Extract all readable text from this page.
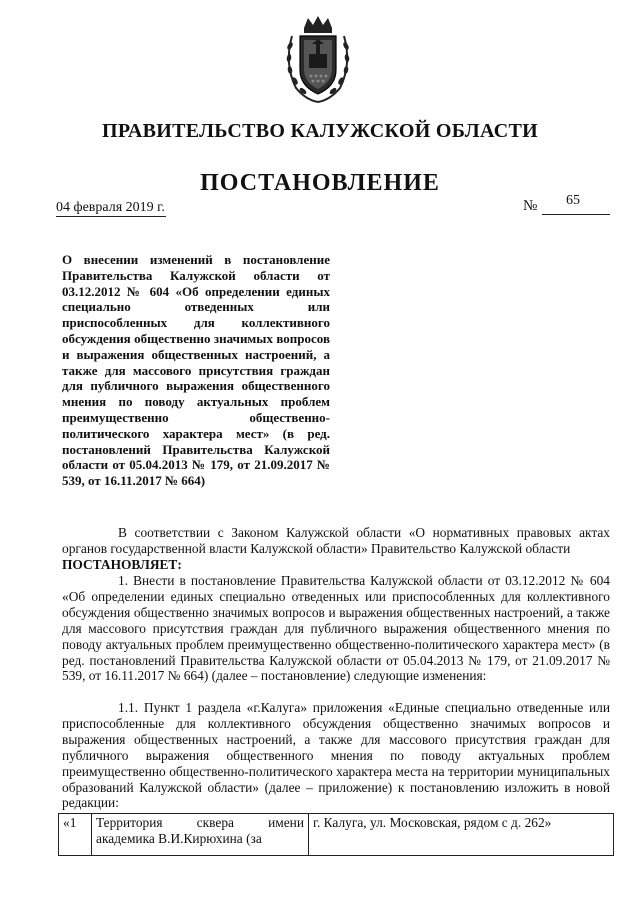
ПРАВИТЕЛЬСТВО КАЛУЖСКОЙ ОБЛАСТИ
ПОСТАНОВЛЕНИЕ
04 февраля 2019 г.	№ 65

О внесении изменений в постановление Правительства Калужской области от 03.12.2012 № 604 «Об определении единых специально отведенных или приспособленных для коллективного обсуждения общественно значимых вопросов и выражения общественных настроений, а также для массового присутствия граждан для публичного выражения общественного мнения по поводу актуальных проблем преимущественно общественно-политического характера мест» (в ред. постановлений Правительства Калужской области от 05.04.2013 № 179, от 21.09.2017 № 539, от 16.11.2017 № 664)

В соответствии с Законом Калужской области «О нормативных правовых актах органов государственной власти Калужской области» Правительство Калужской области

ПОСТАНОВЛЯЕТ:

1. Внести в постановление Правительства Калужской области от 03.12.2012 № 604 «Об определении единых специально отведенных или приспособленных для коллективного обсуждения общественно значимых вопросов и выражения общественных настроений, а также для массового присутствия граждан для публичного выражения общественного мнения по поводу актуальных проблем преимущественно общественно-политического характера мест» (в ред. постановлений Правительства Калужской области от 05.04.2013 № 179, от 21.09.2017 № 539, от 16.11.2017 № 664) (далее – постановление) следующие изменения:

1.1. Пункт 1 раздела «г.Калуга» приложения «Единые специально отведенные или приспособленные для коллективного обсуждения общественно значимых вопросов и выражения общественных настроений, а также для массового присутствия граждан для публичного выражения общественного мнения по поводу актуальных проблем преимущественно общественно-политического характера места на территории муниципальных образований Калужской области» (далее – приложение) к постановлению изложить в новой редакции:

«1	Территория сквера имени академика В.И.Кирюхина (за	г. Калуга, ул. Московская, рядом с д. 262»
